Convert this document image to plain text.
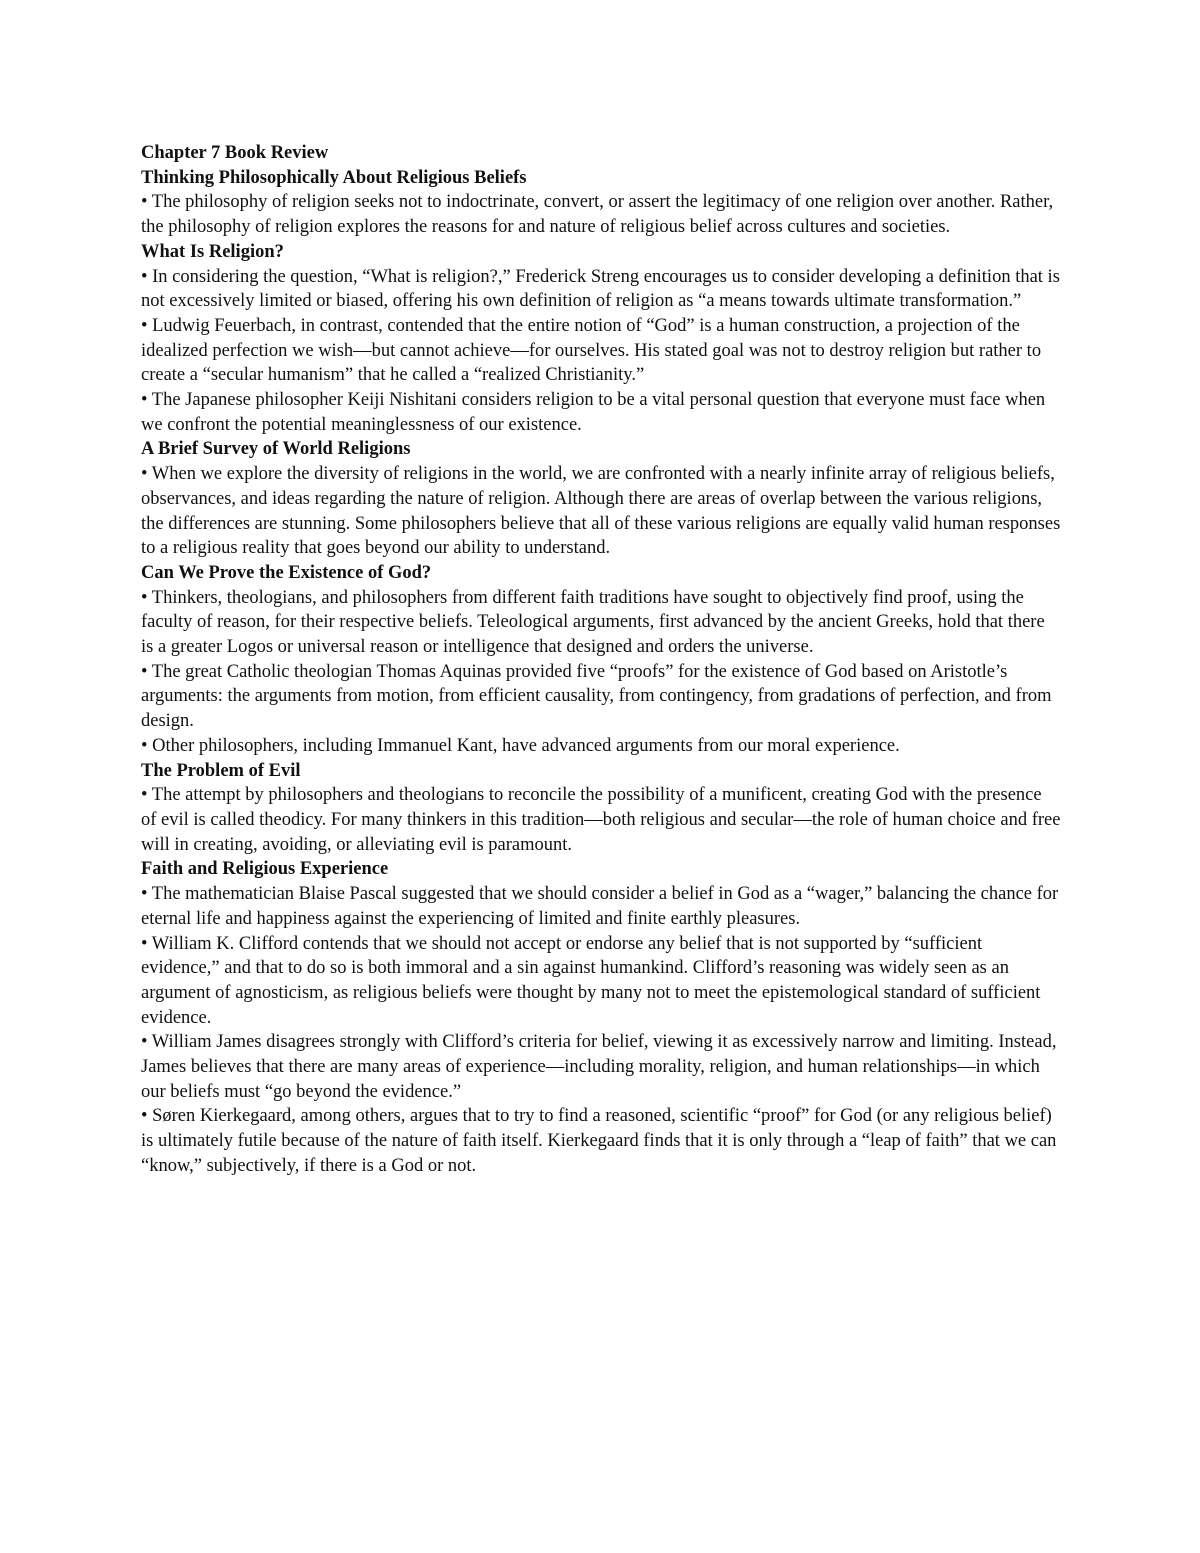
Chapter 7 Book Review
Thinking Philosophically About Religious Beliefs

• The philosophy of religion seeks not to indoctrinate, convert, or assert the legitimacy of one religion over another. Rather, the philosophy of religion explores the reasons for and nature of religious belief across cultures and societies.

What Is Religion?

• In considering the question, “What is religion?,” Frederick Streng encourages us to consider developing a definition that is not excessively limited or biased, offering his own definition of religion as “a means towards ultimate transformation.”

• Ludwig Feuerbach, in contrast, contended that the entire notion of “God” is a human construction, a projection of the idealized perfection we wish—but cannot achieve—for ourselves. His stated goal was not to destroy religion but rather to create a “secular humanism” that he called a “realized Christianity.”

• The Japanese philosopher Keiji Nishitani considers religion to be a vital personal question that everyone must face when we confront the potential meaninglessness of our existence.

A Brief Survey of World Religions

• When we explore the diversity of religions in the world, we are confronted with a nearly infinite array of religious beliefs, observances, and ideas regarding the nature of religion. Although there are areas of overlap between the various religions, the differences are stunning. Some philosophers believe that all of these various religions are equally valid human responses to a religious reality that goes beyond our ability to understand.

Can We Prove the Existence of God?

• Thinkers, theologians, and philosophers from different faith traditions have sought to objectively find proof, using the faculty of reason, for their respective beliefs. Teleological arguments, first advanced by the ancient Greeks, hold that there is a greater Logos or universal reason or intelligence that designed and orders the universe.

• The great Catholic theologian Thomas Aquinas provided five “proofs” for the existence of God based on Aristotle’s arguments: the arguments from motion, from efficient causality, from contingency, from gradations of perfection, and from design.

• Other philosophers, including Immanuel Kant, have advanced arguments from our moral experience.

The Problem of Evil

• The attempt by philosophers and theologians to reconcile the possibility of a munificent, creating God with the presence of evil is called theodicy. For many thinkers in this tradition—both religious and secular—the role of human choice and free will in creating, avoiding, or alleviating evil is paramount.

Faith and Religious Experience

• The mathematician Blaise Pascal suggested that we should consider a belief in God as a “wager,” balancing the chance for eternal life and happiness against the experiencing of limited and finite earthly pleasures.

• William K. Clifford contends that we should not accept or endorse any belief that is not supported by “sufficient evidence,” and that to do so is both immoral and a sin against humankind. Clifford’s reasoning was widely seen as an argument of agnosticism, as religious beliefs were thought by many not to meet the epistemological standard of sufficient evidence.

• William James disagrees strongly with Clifford’s criteria for belief, viewing it as excessively narrow and limiting. Instead, James believes that there are many areas of experience—including morality, religion, and human relationships—in which our beliefs must “go beyond the evidence.”

• Søren Kierkegaard, among others, argues that to try to find a reasoned, scientific “proof” for God (or any religious belief) is ultimately futile because of the nature of faith itself. Kierkegaard finds that it is only through a “leap of faith” that we can “know,” subjectively, if there is a God or not.
